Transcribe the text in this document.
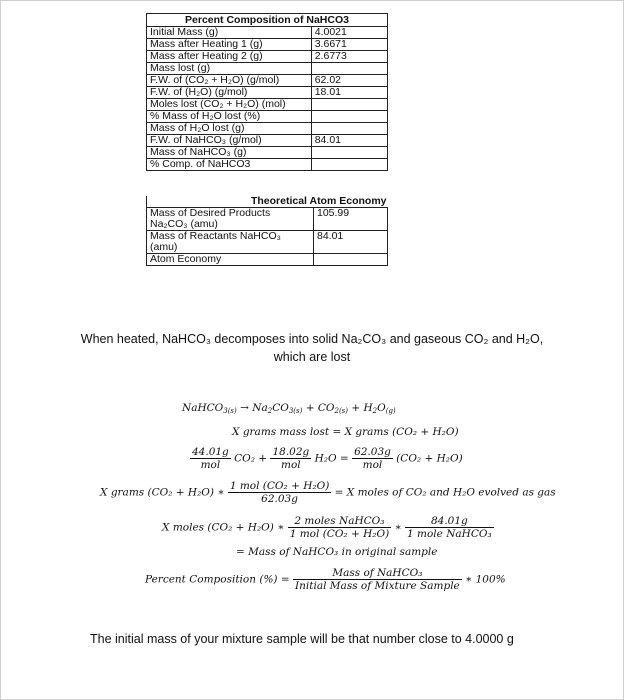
Percent Composition of NaHCO3	
Initial Mass (g)	4.0021
Mass after Heating 1 (g)	3.6671
Mass after Heating 2 (g)	2.6773
Mass lost (g)	
F.W. of (CO₂ + H₂O) (g/mol)	62.02
F.W. of (H₂O) (g/mol)	18.01
Moles lost (CO₂ + H₂O) (mol)	
% Mass of H₂O lost (%)	
Mass of H₂O lost (g)	
F.W. of NaHCO₃ (g/mol)	84.01
Mass of NaHCO₃ (g)	
% Comp. of NaHCO3	
Theoretical Atom Economy	
Mass of Desired Products Na₂CO₃ (amu)	105.99
Mass of Reactants NaHCO₃ (amu)	84.01
Atom Economy	
When heated, NaHCO₃ decomposes into solid Na₂CO₃ and gaseous CO₂ and H₂O,
which are lost
NaHCO$_{3(s)}$ → $Na_2CO_{3(s)} + CO_{2(s)} + H_2O_{(g)}$
X grams mass lost = X grams (CO₂ + H₂O)
$\frac{44.01g}{\text{mol}} CO_2 + \frac{18.02g}{\text{mol}} H_2O = \frac{62.03g}{\text{mol}} (CO_2 + H_2O)$
X grams (CO₂ + H₂O) ∗ $\frac{\text{1 mol (CO₂ + H₂O)}}{62.03g} = X$ moles of CO₂ and H₂O evolved as gas
X moles (CO₂ + H₂O) ∗ $\frac{\text{2 moles NaHCO₃}}{\text{1 mol (CO₂ + H₂O)}}$ ∗ $\frac{84.01g}{\text{1 mole NaHCO₃}}$
= Mass of NaHCO₃ in original sample
Percent Composition (%) = $\frac{\text{Mass of NaHCO₃}}{\text{Initial Mass of Mixture Sample}}$ ∗ 100%
The initial mass of your mixture sample will be that number close to 4.0000 g
